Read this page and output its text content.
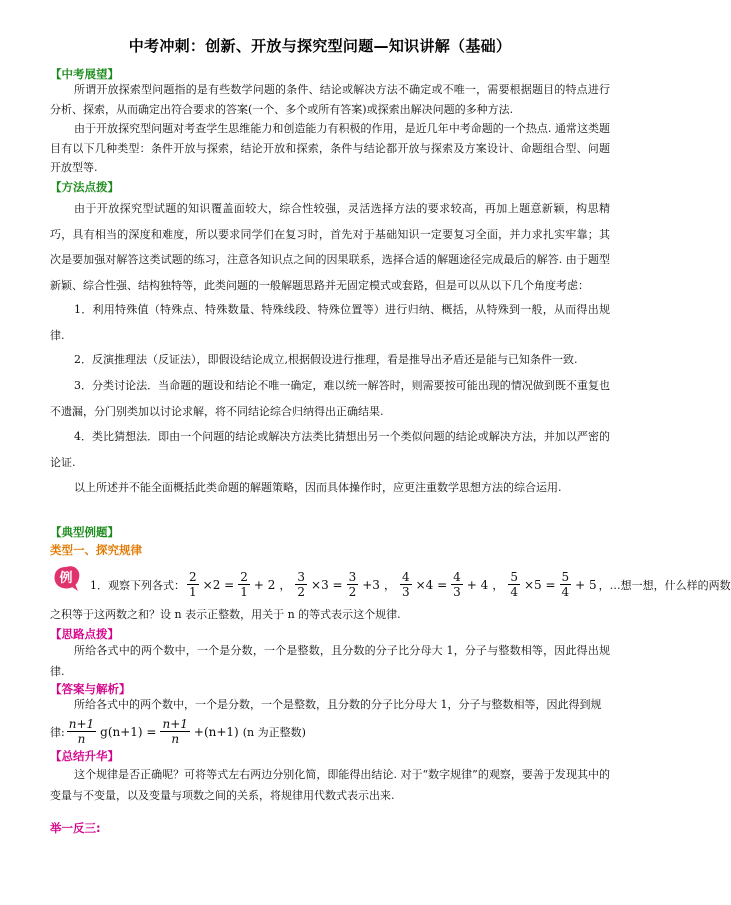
中考冲刺：创新、开放与探究型问题—知识讲解（基础）
【中考展望】
所谓开放探索型问题指的是有些数学问题的条件、结论或解决方法不确定或不唯一，需要根据题目的特点进行分析、探索，从而确定出符合要求的答案(一个、多个或所有答案)或探索出解决问题的多种方法.
由于开放探究型问题对考查学生思维能力和创造能力有积极的作用，是近几年中考命题的一个热点. 通常这类题目有以下几种类型：条件开放与探索，结论开放和探索，条件与结论都开放与探索及方案设计、命题组合型、问题开放型等.
【方法点拨】
由于开放探究型试题的知识覆盖面较大，综合性较强，灵活选择方法的要求较高，再加上题意新颖，构思精巧，具有相当的深度和难度，所以要求同学们在复习时，首先对于基础知识一定要复习全面，并力求扎实牢靠；其次是要加强对解答这类试题的练习，注意各知识点之间的因果联系，选择合适的解题途径完成最后的解答. 由于题型新颖、综合性强、结构独特等，此类问题的一般解题思路并无固定模式或套路，但是可以从以下几个角度考虑：
1．利用特殊值（特殊点、特殊数量、特殊线段、特殊位置等）进行归纳、概括，从特殊到一般，从而得出规律.
2．反演推理法（反证法），即假设结论成立,根据假设进行推理，看是推导出矛盾还是能与已知条件一致.
3．分类讨论法．当命题的题设和结论不唯一确定，难以统一解答时，则需要按可能出现的情况做到既不重复也不遗漏，分门别类加以讨论求解，将不同结论综合归纳得出正确结果.
4．类比猜想法．即由一个问题的结论或解决方法类比猜想出另一个类似问题的结论或解决方法，并加以严密的论证.
以上所述并不能全面概括此类命题的解题策略，因而具体操作时，应更注重数学思想方法的综合运用.
【典型例题】
类型一、探究规律
例 1．观察下列各式： $\frac{2}{1} \times 2 = \frac{2}{1} + 2$ ， $\frac{3}{2} \times 3 = \frac{3}{2} +3$ ， $\frac{4}{3} \times 4 = \frac{4}{3} + 4$ ， $\frac{5}{4} \times 5 = \frac{5}{4} + 5$ ，…想一想，什么样的两数
之积等于这两数之和？设 n 表示正整数，用关于 n 的等式表示这个规律.
【思路点拨】
所给各式中的两个数中，一个是分数，一个是整数，且分数的分子比分母大 1，分子与整数相等，因此得出规律.
【答案与解析】
所给各式中的两个数中，一个是分数，一个是整数，且分数的分子比分母大 1，分子与整数相等，因此得到规
律: $\frac{n+1}{n} g(n+1) = \frac{n+1}{n} +(n+1)$ (n 为正整数)
【总结升华】
这个规律是否正确呢？可将等式左右两边分别化简，即能得出结论. 对于“数字规律”的观察，要善于发现其中的变量与不变量，以及变量与项数之间的关系，将规律用代数式表示出来.
举一反三:
